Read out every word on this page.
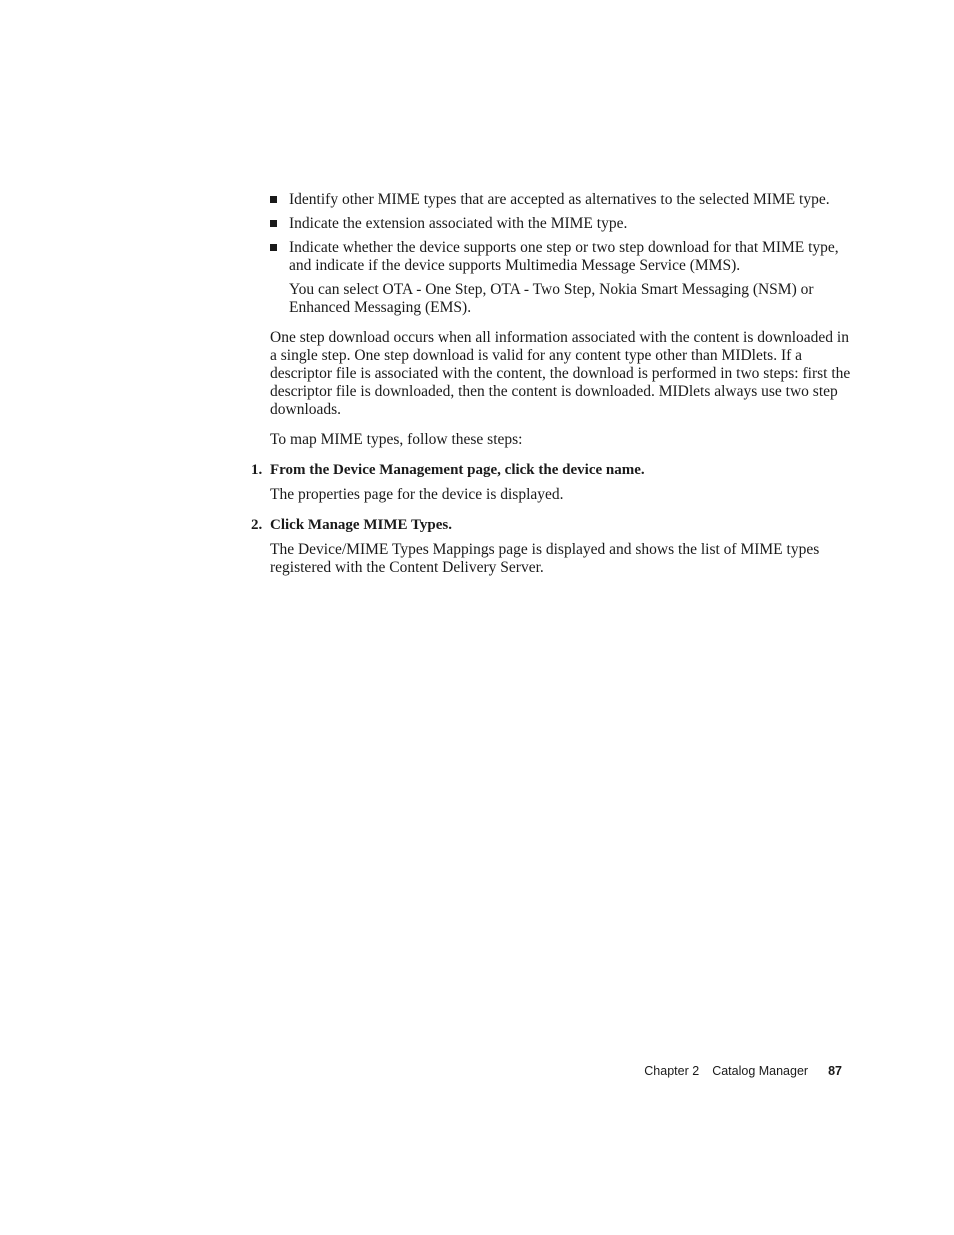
Identify other MIME types that are accepted as alternatives to the selected MIME type.
Indicate the extension associated with the MIME type.
Indicate whether the device supports one step or two step download for that MIME type, and indicate if the device supports Multimedia Message Service (MMS).
You can select OTA - One Step, OTA - Two Step, Nokia Smart Messaging (NSM) or Enhanced Messaging (EMS).

One step download occurs when all information associated with the content is downloaded in a single step. One step download is valid for any content type other than MIDlets. If a descriptor file is associated with the content, the download is performed in two steps: first the descriptor file is downloaded, then the content is downloaded. MIDlets always use two step downloads.

To map MIME types, follow these steps:

1. From the Device Management page, click the device name.
The properties page for the device is displayed.
2. Click Manage MIME Types.
The Device/MIME Types Mappings page is displayed and shows the list of MIME types registered with the Content Delivery Server.
Chapter 2 Catalog Manager 87
